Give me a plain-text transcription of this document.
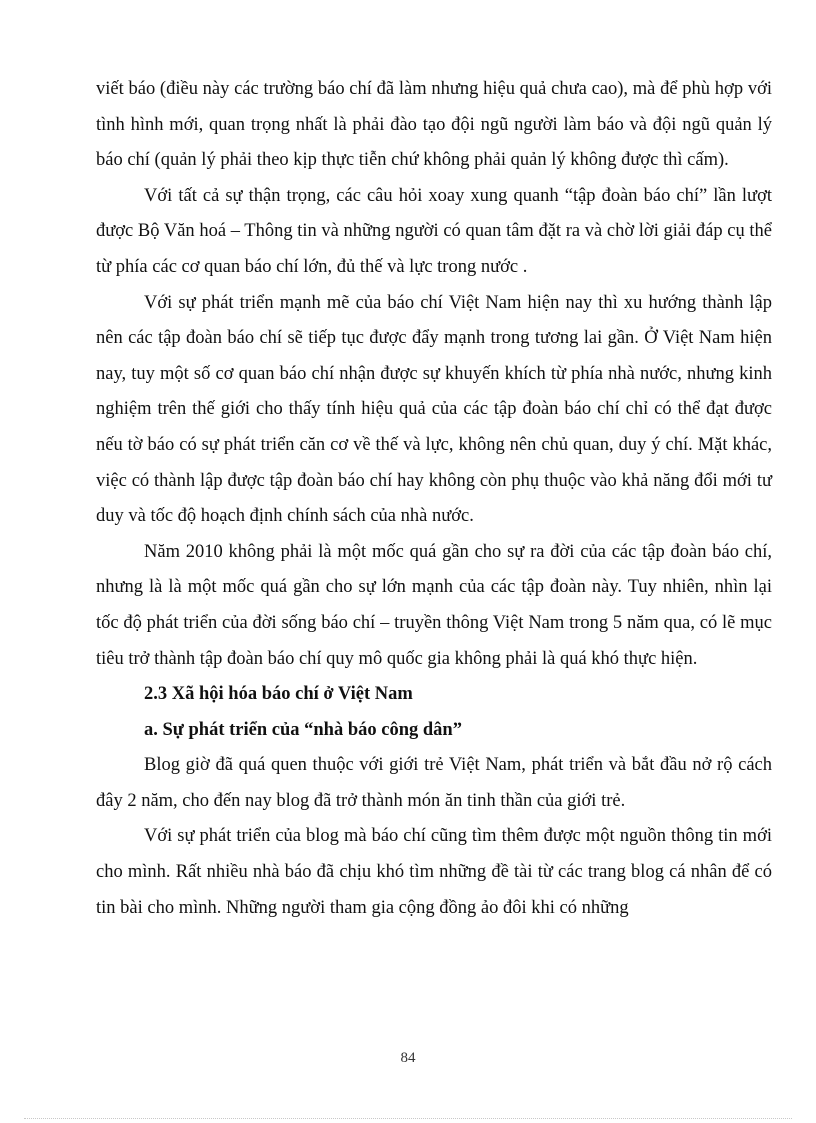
viết báo (điều này các trường báo chí đã làm nhưng hiệu quả chưa cao), mà để phù hợp với tình hình mới, quan trọng nhất là phải đào tạo đội ngũ người làm báo và đội ngũ quản lý báo chí (quản lý phải theo kịp thực tiễn chứ không phải quản lý không được thì cấm).

Với tất cả sự thận trọng, các câu hỏi xoay xung quanh “tập đoàn báo chí” lần lượt được Bộ Văn hoá – Thông tin và những người có quan tâm đặt ra và chờ lời giải đáp cụ thể từ phía các cơ quan báo chí lớn, đủ thế và lực trong nước .

Với sự phát triển mạnh mẽ của báo chí Việt Nam hiện nay thì xu hướng thành lập nên các tập đoàn báo chí sẽ tiếp tục được đẩy mạnh trong tương lai gần. Ở Việt Nam hiện nay, tuy một số cơ quan báo chí nhận được sự khuyến khích từ phía nhà nước, nhưng kinh nghiệm trên thế giới cho thấy tính hiệu quả của các tập đoàn báo chí chỉ có thể đạt được nếu tờ báo có sự phát triển căn cơ về thế và lực, không nên chủ quan, duy ý chí. Mặt khác, việc có thành lập được tập đoàn báo chí hay không còn phụ thuộc vào khả năng đổi mới tư duy và tốc độ hoạch định chính sách của nhà nước.

Năm 2010 không phải là một mốc quá gần cho sự ra đời của các tập đoàn báo chí, nhưng là là một mốc quá gần cho sự lớn mạnh của các tập đoàn này. Tuy nhiên, nhìn lại tốc độ phát triển của đời sống báo chí – truyền thông Việt Nam trong 5 năm qua, có lẽ mục tiêu trở thành tập đoàn báo chí quy mô quốc gia không phải là quá khó thực hiện.

2.3 Xã hội hóa báo chí ở Việt Nam
a. Sự phát triển của “nhà báo công dân”

Blog giờ đã quá quen thuộc với giới trẻ Việt Nam, phát triển và bắt đầu nở rộ cách đây 2 năm, cho đến nay blog đã trở thành món ăn tinh thần của giới trẻ.

Với sự phát triển của blog mà báo chí cũng tìm thêm được một nguồn thông tin mới cho mình. Rất nhiều nhà báo đã chịu khó tìm những đề tài từ các trang blog cá nhân để có tin bài cho mình. Những người tham gia cộng đồng ảo đôi khi có những

84
